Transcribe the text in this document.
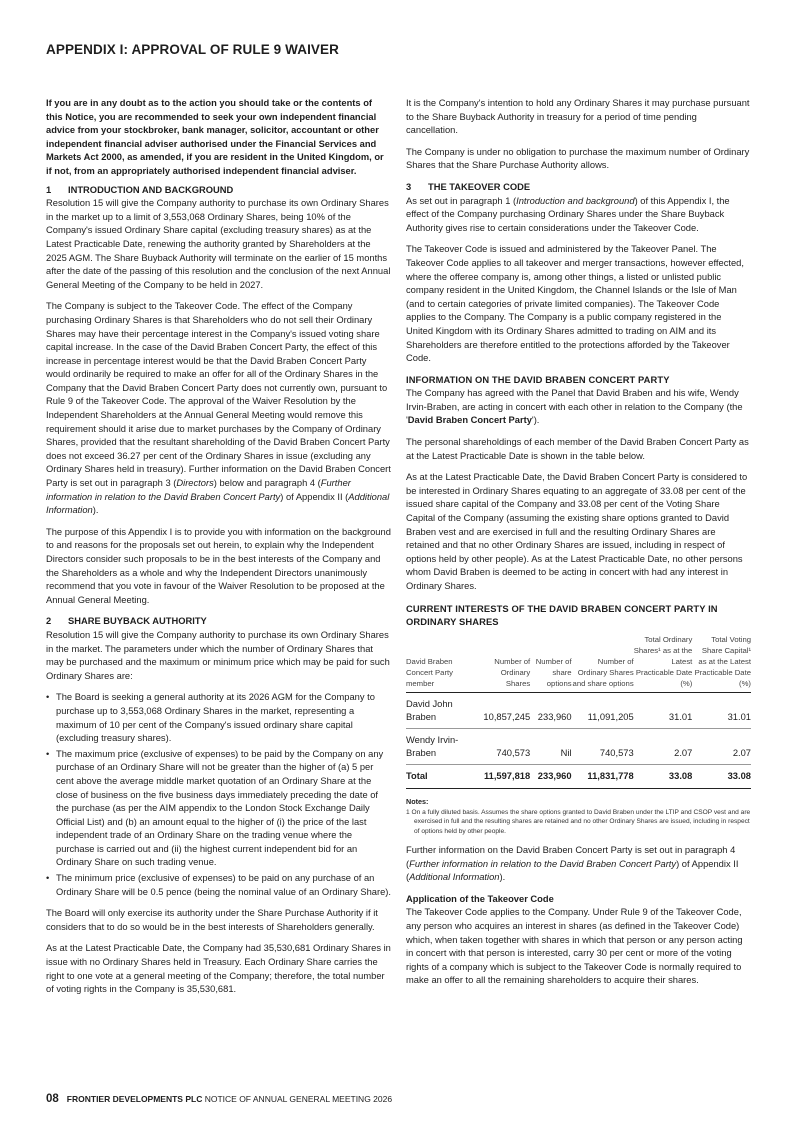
APPENDIX I: APPROVAL OF RULE 9 WAIVER

If you are in any doubt as to the action you should take or the contents of this Notice, you are recommended to seek your own independent financial advice from your stockbroker, bank manager, solicitor, accountant or other independent financial adviser authorised under the Financial Services and Markets Act 2000, as amended, if you are resident in the United Kingdom, or if not, from an appropriately authorised independent financial adviser.

1 INTRODUCTION AND BACKGROUND

Resolution 15 will give the Company authority to purchase its own Ordinary Shares in the market up to a limit of 3,553,068 Ordinary Shares, being 10% of the Company's issued Ordinary Share capital (excluding treasury shares) as at the Latest Practicable Date, renewing the authority granted by Shareholders at the 2025 AGM. The Share Buyback Authority will terminate on the earlier of 15 months after the date of the passing of this resolution and the conclusion of the next Annual General Meeting of the Company to be held in 2027.

The Company is subject to the Takeover Code. The effect of the Company purchasing Ordinary Shares is that Shareholders who do not sell their Ordinary Shares may have their percentage interest in the Company's issued voting share capital increase. In the case of the David Braben Concert Party, the effect of this increase in percentage interest would be that the David Braben Concert Party would ordinarily be required to make an offer for all of the Ordinary Shares in the Company that the David Braben Concert Party does not currently own, pursuant to Rule 9 of the Takeover Code. The approval of the Waiver Resolution by the Independent Shareholders at the Annual General Meeting would remove this requirement should it arise due to market purchases by the Company of Ordinary Shares, provided that the resultant shareholding of the David Braben Concert Party does not exceed 36.27 per cent of the Ordinary Shares in issue (excluding any Ordinary Shares held in treasury). Further information on the David Braben Concert Party is set out in paragraph 3 (Directors) below and paragraph 4 (Further information in relation to the David Braben Concert Party) of Appendix II (Additional Information).

The purpose of this Appendix I is to provide you with information on the background to and reasons for the proposals set out herein, to explain why the Independent Directors consider such proposals to be in the best interests of the Company and the Shareholders as a whole and why the Independent Directors unanimously recommend that you vote in favour of the Waiver Resolution to be proposed at the Annual General Meeting.

2 SHARE BUYBACK AUTHORITY

Resolution 15 will give the Company authority to purchase its own Ordinary Shares in the market. The parameters under which the number of Ordinary Shares that may be purchased and the maximum or minimum price which may be paid for such Ordinary Shares are:

• The Board is seeking a general authority at its 2026 AGM for the Company to purchase up to 3,553,068 Ordinary Shares in the market, representing a maximum of 10 per cent of the Company's issued ordinary share capital (excluding treasury shares).
• The maximum price (exclusive of expenses) to be paid by the Company on any purchase of an Ordinary Share will not be greater than the higher of (a) 5 per cent above the average middle market quotation of an Ordinary Share at the close of business on the five business days immediately preceding the date of the purchase (as per the AIM appendix to the London Stock Exchange Daily Official List) and (b) an amount equal to the higher of (i) the price of the last independent trade of an Ordinary Share on the trading venue where the purchase is carried out and (ii) the highest current independent bid for an Ordinary Share on such trading venue.
• The minimum price (exclusive of expenses) to be paid on any purchase of an Ordinary Share will be 0.5 pence (being the nominal value of an Ordinary Share).

The Board will only exercise its authority under the Share Purchase Authority if it considers that to do so would be in the best interests of Shareholders generally.

As at the Latest Practicable Date, the Company had 35,530,681 Ordinary Shares in issue with no Ordinary Shares held in Treasury. Each Ordinary Share carries the right to one vote at a general meeting of the Company; therefore, the total number of voting rights in the Company is 35,530,681.

It is the Company's intention to hold any Ordinary Shares it may purchase pursuant to the Share Buyback Authority in treasury for a period of time pending cancellation.

The Company is under no obligation to purchase the maximum number of Ordinary Shares that the Share Purchase Authority allows.

3 THE TAKEOVER CODE

As set out in paragraph 1 (Introduction and background) of this Appendix I, the effect of the Company purchasing Ordinary Shares under the Share Buyback Authority gives rise to certain considerations under the Takeover Code.

The Takeover Code is issued and administered by the Takeover Panel. The Takeover Code applies to all takeover and merger transactions, however effected, where the offeree company is, among other things, a listed or unlisted public company resident in the United Kingdom, the Channel Islands or the Isle of Man (and to certain categories of private limited companies). The Takeover Code applies to the Company. The Company is a public company registered in the United Kingdom with its Ordinary Shares admitted to trading on AIM and its Shareholders are therefore entitled to the protections afforded by the Takeover Code.

INFORMATION ON THE DAVID BRABEN CONCERT PARTY

The Company has agreed with the Panel that David Braben and his wife, Wendy Irvin-Braben, are acting in concert with each other in relation to the Company (the 'David Braben Concert Party').

The personal shareholdings of each member of the David Braben Concert Party as at the Latest Practicable Date is shown in the table below.

As at the Latest Practicable Date, the David Braben Concert Party is considered to be interested in Ordinary Shares equating to an aggregate of 33.08 per cent of the issued share capital of the Company and 33.08 per cent of the Voting Share Capital of the Company (assuming the existing share options granted to David Braben vest and are exercised in full and the resulting Ordinary Shares are retained and that no other Ordinary Shares are issued, including in respect of options held by other people). As at the Latest Practicable Date, no other persons whom David Braben is deemed to be acting in concert with had any interest in Ordinary Shares.

CURRENT INTERESTS OF THE DAVID BRABEN CONCERT PARTY IN ORDINARY SHARES
David Braben Concert Party member	Number of Ordinary Shares	Number of share options	Number of Ordinary Shares and share options	Total Ordinary Shares¹ as at the Latest Practicable Date (%)	Total Voting Share Capital¹ as at the Latest Practicable Date (%)
David John Braben	10,857,245	233,960	11,091,205	31.01	31.01
Wendy Irvin-Braben	740,573	Nil	740,573	2.07	2.07
Total	11,597,818	233,960	11,831,778	33.08	33.08
Notes:
1 On a fully diluted basis. Assumes the share options granted to David Braben under the LTIP and CSOP vest and are exercised in full and the resulting shares are retained and no other Ordinary Shares are issued, including in respect of options held by other people.

Further information on the David Braben Concert Party is set out in paragraph 4 (Further information in relation to the David Braben Concert Party) of Appendix II (Additional Information).

Application of the Takeover Code

The Takeover Code applies to the Company. Under Rule 9 of the Takeover Code, any person who acquires an interest in shares (as defined in the Takeover Code) which, when taken together with shares in which that person or any person acting in concert with that person is interested, carry 30 per cent or more of the voting rights of a company which is subject to the Takeover Code is normally required to make an offer to all the remaining shareholders to acquire their shares.

08 FRONTIER DEVELOPMENTS PLC NOTICE OF ANNUAL GENERAL MEETING 2026
